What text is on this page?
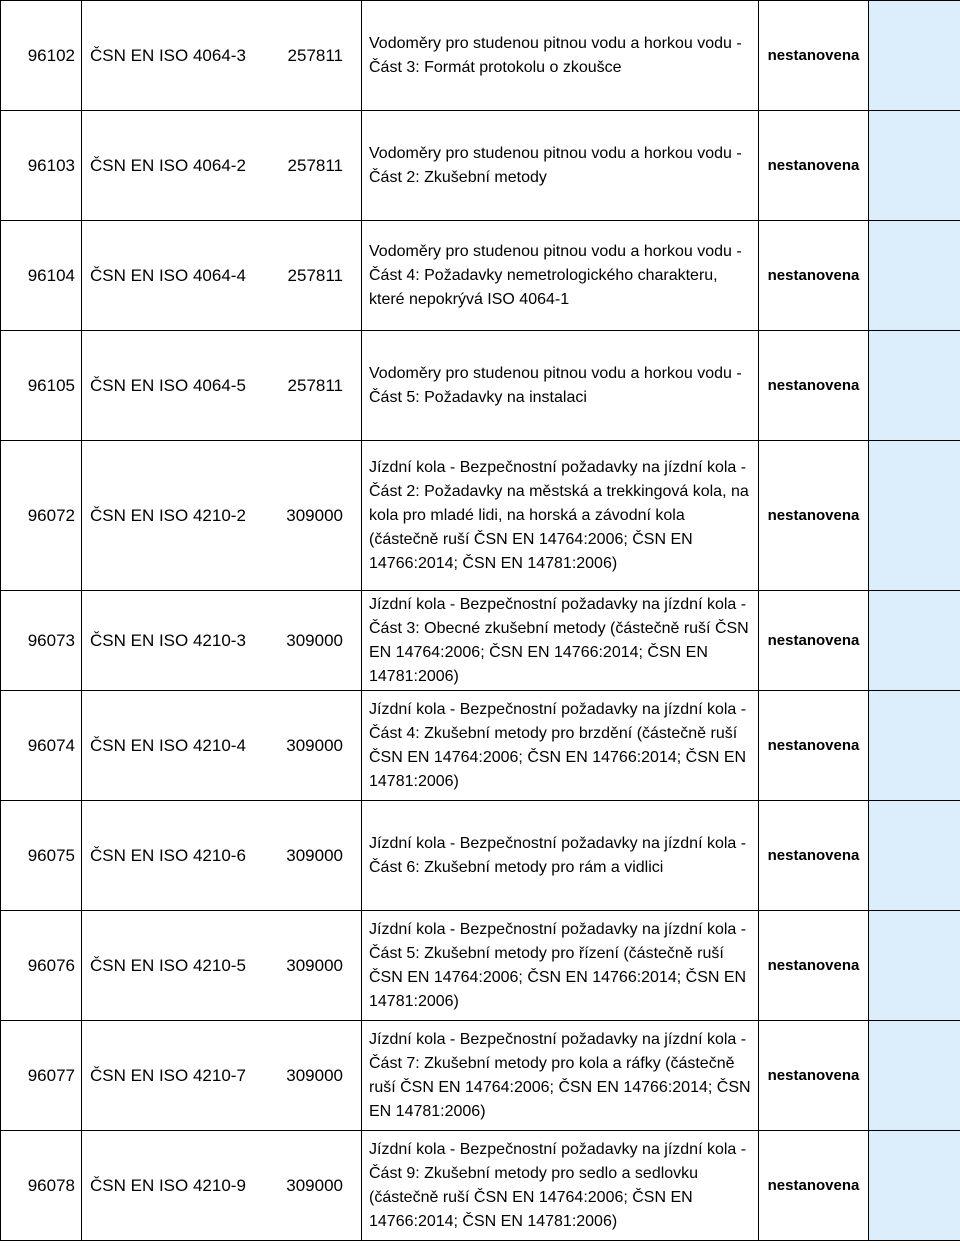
96102	ČSN EN ISO 4064-3	257811	Vodoměry pro studenou pitnou vodu a horkou vodu - Část 3: Formát protokolu o zkoušce	nestanovena	
96103	ČSN EN ISO 4064-2	257811	Vodoměry pro studenou pitnou vodu a horkou vodu - Část 2: Zkušební metody	nestanovena	
96104	ČSN EN ISO 4064-4	257811	Vodoměry pro studenou pitnou vodu a horkou vodu - Část 4: Požadavky nemetrologického charakteru, které nepokrývá ISO 4064-1	nestanovena	
96105	ČSN EN ISO 4064-5	257811	Vodoměry pro studenou pitnou vodu a horkou vodu - Část 5: Požadavky na instalaci	nestanovena	
96072	ČSN EN ISO 4210-2	309000	Jízdní kola - Bezpečnostní požadavky na jízdní kola - Část 2: Požadavky na městská a trekkingová kola, na kola pro mladé lidi, na horská a závodní kola (částečně ruší ČSN EN 14764:2006; ČSN EN 14766:2014; ČSN EN 14781:2006)	nestanovena	
96073	ČSN EN ISO 4210-3	309000	Jízdní kola - Bezpečnostní požadavky na jízdní kola - Část 3: Obecné zkušební metody (částečně ruší ČSN EN 14764:2006; ČSN EN 14766:2014; ČSN EN 14781:2006)	nestanovena	
96074	ČSN EN ISO 4210-4	309000	Jízdní kola - Bezpečnostní požadavky na jízdní kola - Část 4: Zkušební metody pro brzdění (částečně ruší ČSN EN 14764:2006; ČSN EN 14766:2014; ČSN EN 14781:2006)	nestanovena	
96075	ČSN EN ISO 4210-6	309000	Jízdní kola - Bezpečnostní požadavky na jízdní kola - Část 6: Zkušební metody pro rám a vidlici	nestanovena	
96076	ČSN EN ISO 4210-5	309000	Jízdní kola - Bezpečnostní požadavky na jízdní kola - Část 5: Zkušební metody pro řízení (částečně ruší ČSN EN 14764:2006; ČSN EN 14766:2014; ČSN EN 14781:2006)	nestanovena	
96077	ČSN EN ISO 4210-7	309000	Jízdní kola - Bezpečnostní požadavky na jízdní kola - Část 7: Zkušební metody pro kola a ráfky (částečně ruší ČSN EN 14764:2006; ČSN EN 14766:2014; ČSN EN 14781:2006)	nestanovena	
96078	ČSN EN ISO 4210-9	309000	Jízdní kola - Bezpečnostní požadavky na jízdní kola - Část 9: Zkušební metody pro sedlo a sedlovku (částečně ruší ČSN EN 14764:2006; ČSN EN 14766:2014; ČSN EN 14781:2006)	nestanovena	
